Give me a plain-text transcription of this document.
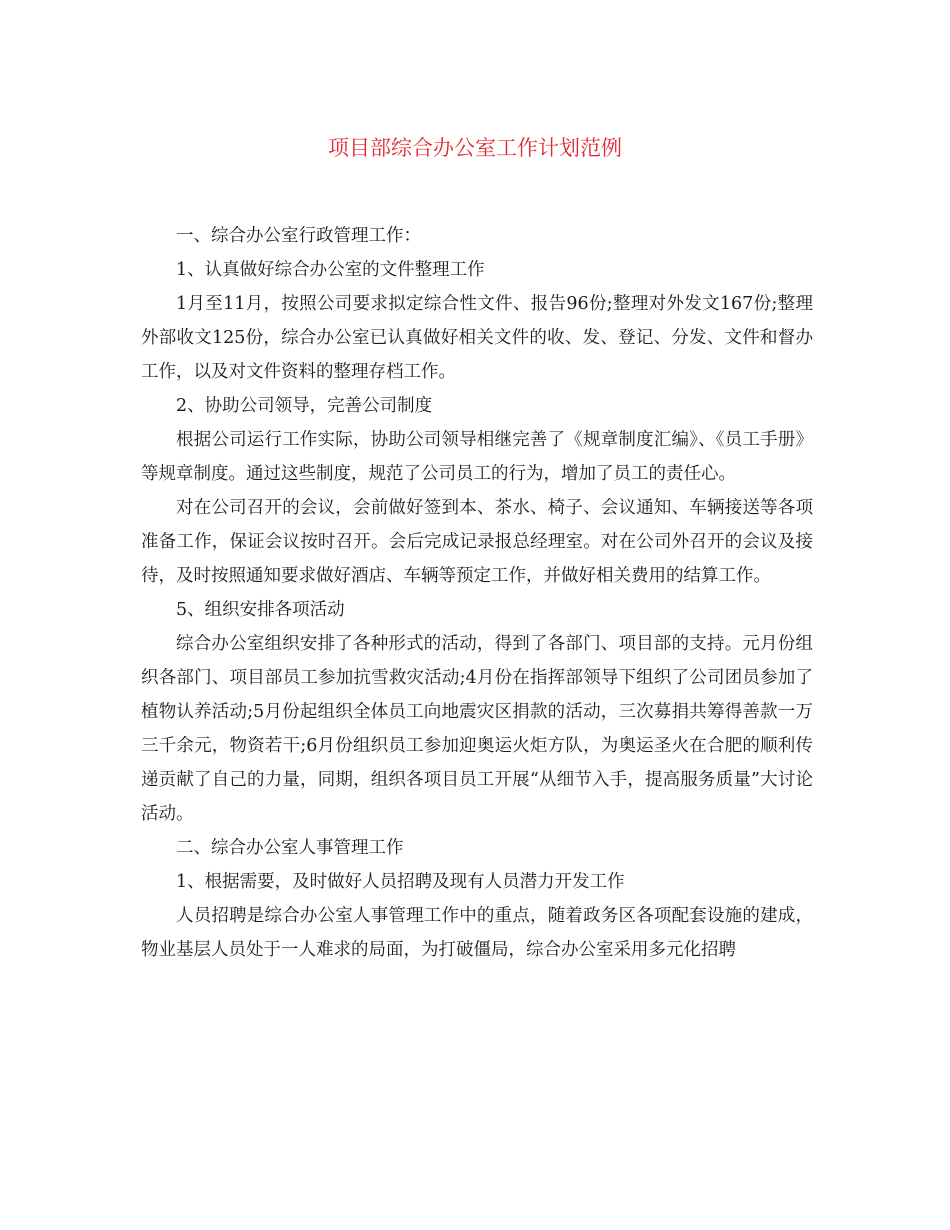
项目部综合办公室工作计划范例

一、综合办公室行政管理工作：

1、认真做好综合办公室的文件整理工作

1月至11月，按照公司要求拟定综合性文件、报告96份;整理对外发文167份;整理外部收文125份，综合办公室已认真做好相关文件的收、发、登记、分发、文件和督办工作，以及对文件资料的整理存档工作。

2、协助公司领导，完善公司制度

根据公司运行工作实际，协助公司领导相继完善了《规章制度汇编》、《员工手册》等规章制度。通过这些制度，规范了公司员工的行为，增加了员工的责任心。

对在公司召开的会议，会前做好签到本、茶水、椅子、会议通知、车辆接送等各项准备工作，保证会议按时召开。会后完成记录报总经理室。对在公司外召开的会议及接待，及时按照通知要求做好酒店、车辆等预定工作，并做好相关费用的结算工作。

5、组织安排各项活动

综合办公室组织安排了各种形式的活动，得到了各部门、项目部的支持。元月份组织各部门、项目部员工参加抗雪救灾活动;4月份在指挥部领导下组织了公司团员参加了植物认养活动;5月份起组织全体员工向地震灾区捐款的活动，三次募捐共筹得善款一万三千余元，物资若干;6月份组织员工参加迎奥运火炬方队，为奥运圣火在合肥的顺利传递贡献了自己的力量，同期，组织各项目员工开展“从细节入手，提高服务质量”大讨论活动。

二、综合办公室人事管理工作

1、根据需要，及时做好人员招聘及现有人员潜力开发工作

人员招聘是综合办公室人事管理工作中的重点，随着政务区各项配套设施的建成，物业基层人员处于一人难求的局面，为打破僵局，综合办公室采用多元化招聘
